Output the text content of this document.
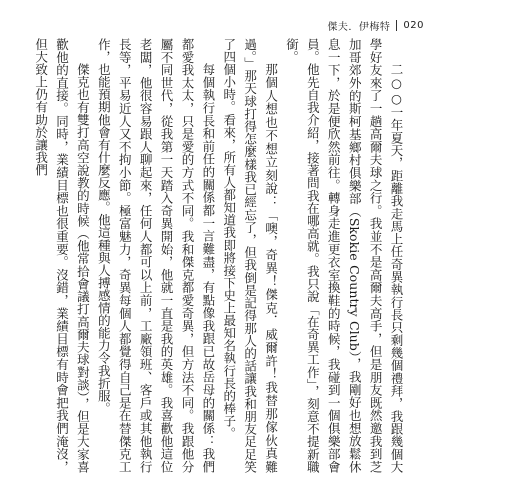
傑夫．伊梅特 020

二○○一年夏天，距離我走馬上任奇異執行長只剩幾個禮拜，我跟幾個大學好友來了一趟高爾夫球之行。我並不是高爾夫高手，但是朋友既然邀我到芝加哥郊外的斯柯基鄉村俱樂部（Skokie Country Club），我剛好也想放鬆休息一下，於是便欣然前往。轉身走進更衣室換鞋的時候，我碰到一個俱樂部會員。他先自我介紹，接著問我在哪高就。我只說「在奇異工作」，刻意不提新職銜。

那個人想也不想立刻說：「噢，奇異！傑克．威爾許！我替那傢伙真難過。」那天球打得怎麼樣我已經忘了，但我倒是記得那人的話讓我和朋友足足笑了四個小時。看來，所有人都知道我即將接下史上最知名執行長的棒子。

每個執行長和前任的關係都一言難盡，有點像我跟已故岳母的關係：我們都愛我太太，只是愛的方式不同。我和傑克都愛奇異，但方法不同。我跟他分屬不同世代，從我第一天踏入奇異開始，他就一直是我的英雄。我喜歡他這位老闆，他很容易跟人聊起來，任何人都可以上前，工廠領班、客戶或其他執行長等，平易近人又不拘小節。極富魅力，奇異每個人都覺得自己是在替傑克工作，也能預期他會有什麼反應。他這種與人搏感情的能力令我折服。

傑克也有雙打高空說教的時候（他常拾會議打高爾夫球對談），但是大家喜歡他的直接。同時，業績目標也很重要。沒錯，業績目標有時會把我們淹沒，但大致上仍有助於讓我們
